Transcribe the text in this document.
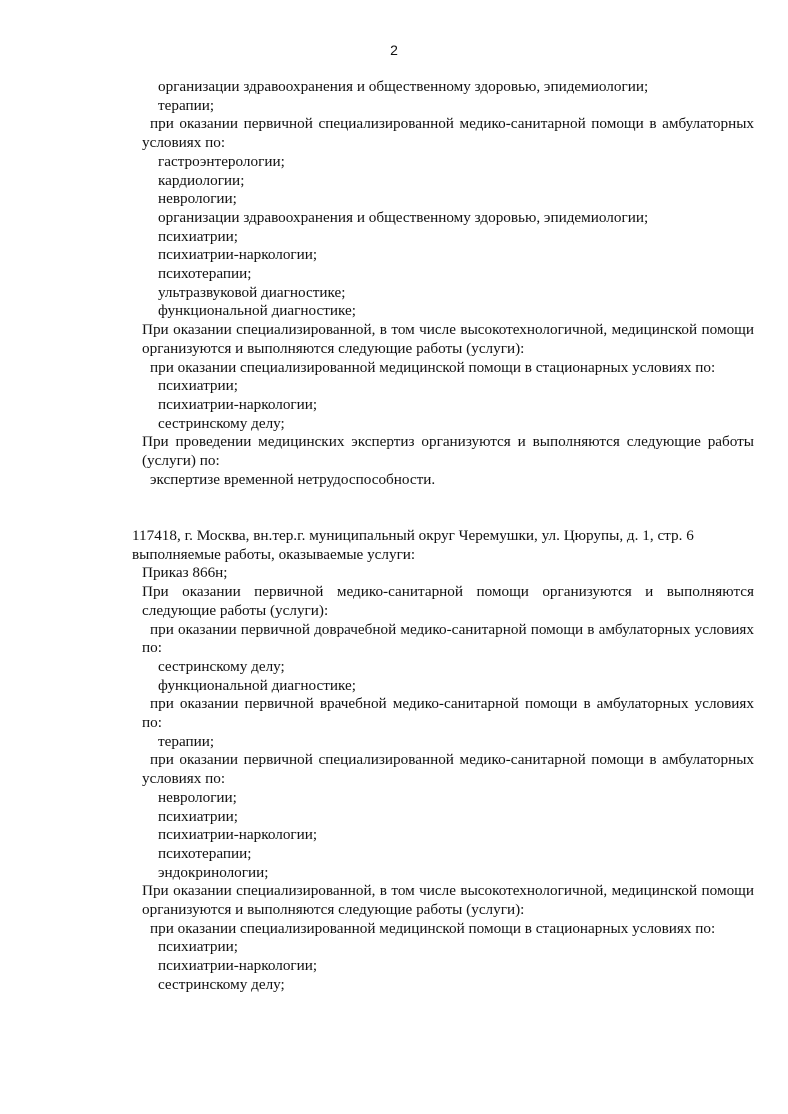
2
организации здравоохранения и общественному здоровью, эпидемиологии;
терапии;
при оказании первичной специализированной медико-санитарной помощи в амбулаторных условиях по:
гастроэнтерологии;
кардиологии;
неврологии;
организации здравоохранения и общественному здоровью, эпидемиологии;
психиатрии;
психиатрии-наркологии;
психотерапии;
ультразвуковой диагностике;
функциональной диагностике;
При оказании специализированной, в том числе высокотехнологичной, медицинской помощи организуются и выполняются следующие работы (услуги):
при оказании специализированной медицинской помощи в стационарных условиях по:
психиатрии;
психиатрии-наркологии;
сестринскому делу;
При проведении медицинских экспертиз организуются и выполняются следующие работы (услуги) по:
экспертизе временной нетрудоспособности.
117418, г. Москва, вн.тер.г. муниципальный округ Черемушки, ул. Цюрупы, д. 1, стр. 6
выполняемые работы, оказываемые услуги:
Приказ 866н;
При оказании первичной медико-санитарной помощи организуются и выполняются следующие работы (услуги):
при оказании первичной доврачебной медико-санитарной помощи в амбулаторных условиях по:
сестринскому делу;
функциональной диагностике;
при оказании первичной врачебной медико-санитарной помощи в амбулаторных условиях по:
терапии;
при оказании первичной специализированной медико-санитарной помощи в амбулаторных условиях по:
неврологии;
психиатрии;
психиатрии-наркологии;
психотерапии;
эндокринологии;
При оказании специализированной, в том числе высокотехнологичной, медицинской помощи организуются и выполняются следующие работы (услуги):
при оказании специализированной медицинской помощи в стационарных условиях по:
психиатрии;
психиатрии-наркологии;
сестринскому делу;
